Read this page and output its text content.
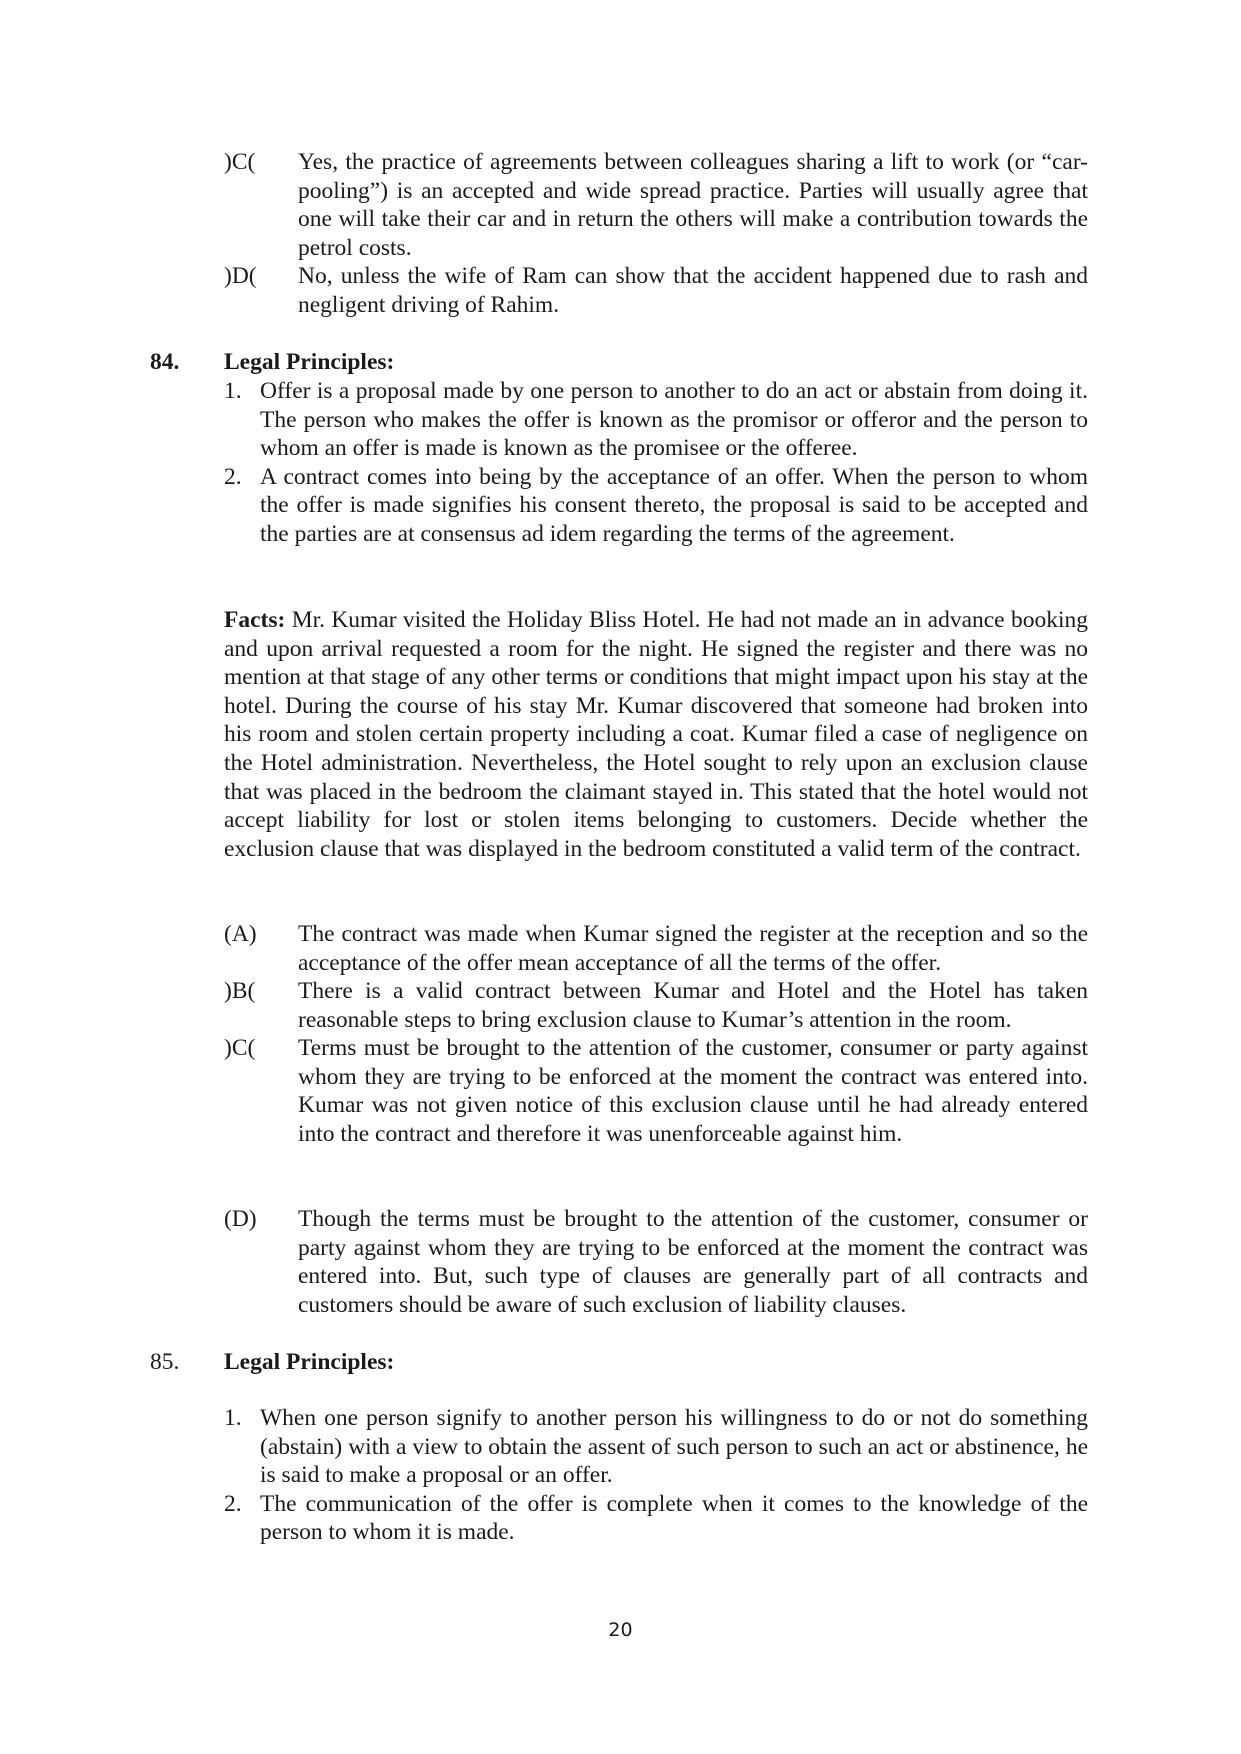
)C(	Yes, the practice of agreements between colleagues sharing a lift to work (or “car-pooling”) is an accepted and wide spread practice. Parties will usually agree that one will take their car and in return the others will make a contribution towards the petrol costs.
)D(	No, unless the wife of Ram can show that the accident happened due to rash and negligent driving of Rahim.
84.	Legal Principles:
1. Offer is a proposal made by one person to another to do an act or abstain from doing it. The person who makes the offer is known as the promisor or offeror and the person to whom an offer is made is known as the promisee or the offeree.
2. A contract comes into being by the acceptance of an offer. When the person to whom the offer is made signifies his consent thereto, the proposal is said to be accepted and the parties are at consensus ad idem regarding the terms of the agreement.

Facts: Mr. Kumar visited the Holiday Bliss Hotel. He had not made an in advance booking and upon arrival requested a room for the night. He signed the register and there was no mention at that stage of any other terms or conditions that might impact upon his stay at the hotel. During the course of his stay Mr. Kumar discovered that someone had broken into his room and stolen certain property including a coat. Kumar filed a case of negligence on the Hotel administration. Nevertheless, the Hotel sought to rely upon an exclusion clause that was placed in the bedroom the claimant stayed in. This stated that the hotel would not accept liability for lost or stolen items belonging to customers. Decide whether the exclusion clause that was displayed in the bedroom constituted a valid term of the contract.

(A)	The contract was made when Kumar signed the register at the reception and so the acceptance of the offer mean acceptance of all the terms of the offer.
)B(	There is a valid contract between Kumar and Hotel and the Hotel has taken reasonable steps to bring exclusion clause to Kumar’s attention in the room.
)C(	Terms must be brought to the attention of the customer, consumer or party against whom they are trying to be enforced at the moment the contract was entered into. Kumar was not given notice of this exclusion clause until he had already entered into the contract and therefore it was unenforceable against him.
(D)	Though the terms must be brought to the attention of the customer, consumer or party against whom they are trying to be enforced at the moment the contract was entered into. But, such type of clauses are generally part of all contracts and customers should be aware of such exclusion of liability clauses.
85.	Legal Principles:
1. When one person signify to another person his willingness to do or not do something (abstain) with a view to obtain the assent of such person to such an act or abstinence, he is said to make a proposal or an offer.
2. The communication of the offer is complete when it comes to the knowledge of the person to whom it is made.
20
